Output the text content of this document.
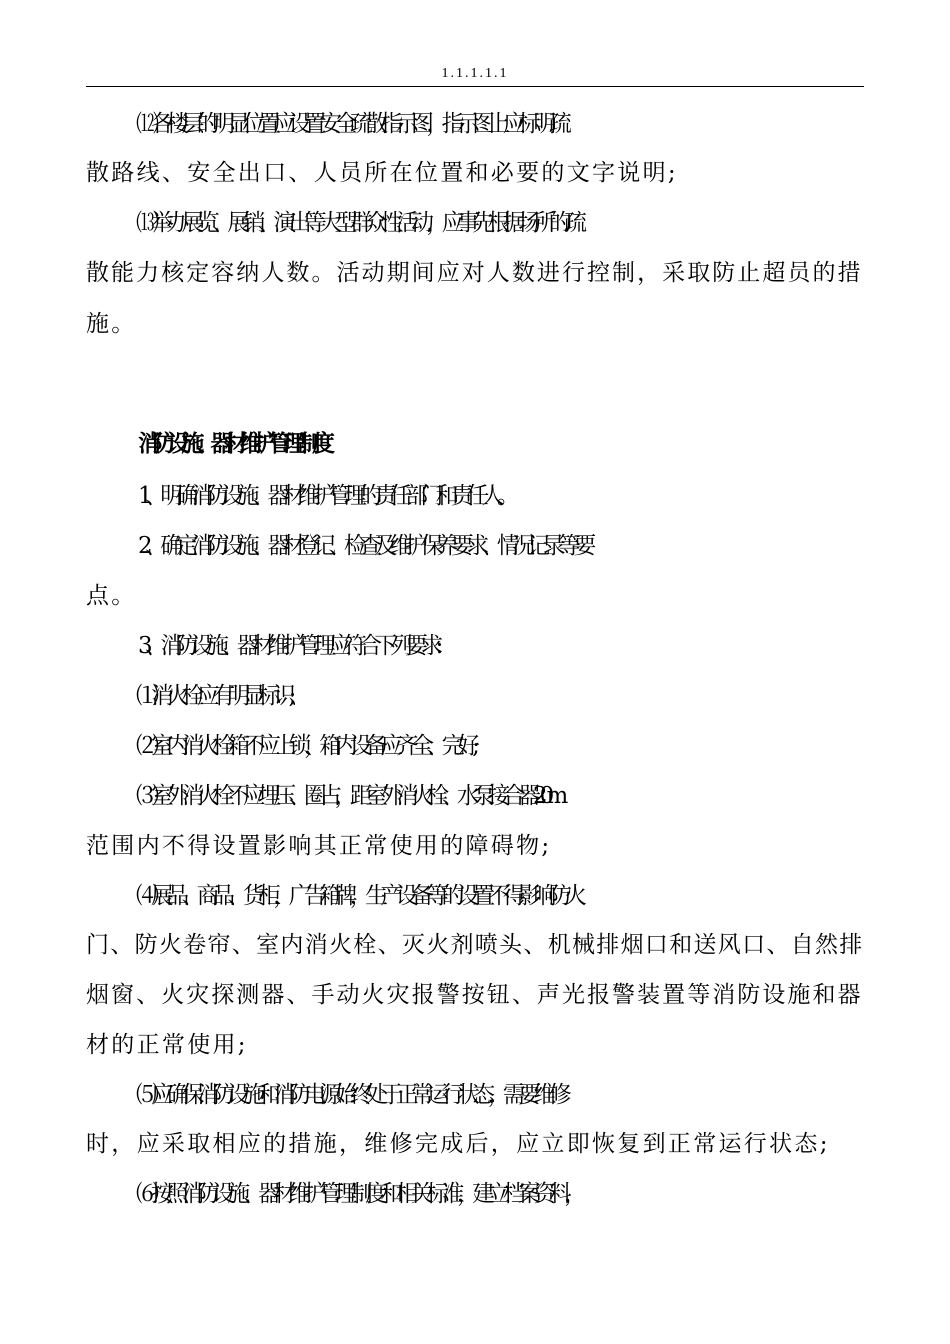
1.1.1.1.1
⑿ 各楼层的明显位置应设置安全疏散指示图，指示图上应标明疏
散路线、安全出口、人员所在位置和必要的文字说明;
⒀ 举办展览、展销、演出等大型群众性活动，应事先根据场所的疏
散能力核定容纳人数。活动期间应对人数进行控制，采取防止超员的措
施。
消防设施、器材维护管理制度
1、明确消防设施、器材维护管理的责任部门和责任人。
2、确定消防设施、器材登记、检查及维护保养要求、情况记录等要
点。
3、消防设施、器材维护管理应符合下列要求:
⑴ 消火栓应有明显标识;
⑵ 室内消火栓箱不应上锁，箱内设备应齐全、完好;
⑶ 室外消火栓不应埋压、圈占，距室外消火栓、水泵接合器 2.0m
范围内不得设置影响其正常使用的障碍物;
⑷ 展品、商品、货柜，广告箱牌，生产设备等的设置不得影响防火
门、防火卷帘、室内消火栓、灭火剂喷头、机械排烟口和送风口、自然排
烟窗、火灾探测器、手动火灾报警按钮、声光报警装置等消防设施和器
材的正常使用;
⑸ 应确保消防设施和消防电源始终处于正常运行状态，需要维修
时，应采取相应的措施，维修完成后，应立即恢复到正常运行状态;
⑹ 按照消防设施、器材维护管理制度和相关标准，建立档案资料，
